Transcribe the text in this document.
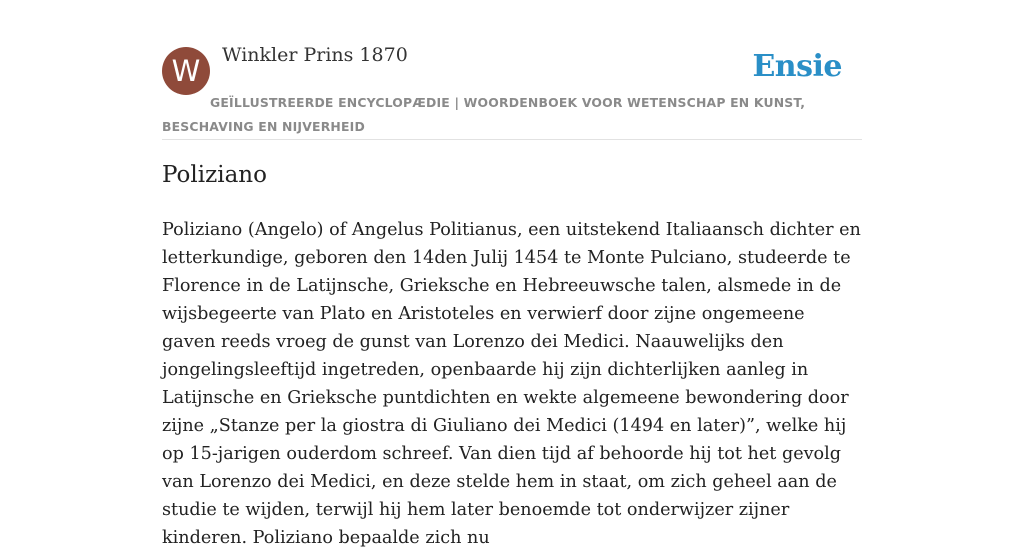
W	Winkler Prins 1870	Ensie
GEÏLLUSTREERDE ENCYCLOPÆDIE | WOORDENBOEK VOOR WETENSCHAP EN KUNST, BESCHAVING EN NIJVERHEID
Poliziano

Poliziano (Angelo) of Angelus Politianus, een uitstekend Italiaansch dichter en letterkundige, geboren den 14den Julij 1454 te Monte Pulciano, studeerde te Florence in de Latijnsche, Grieksche en Hebreeuwsche talen, alsmede in de wijsbegeerte van Plato en Aristoteles en verwierf door zijne ongemeene gaven reeds vroeg de gunst van Lorenzo dei Medici. Naauwelijks den jongelingsleeftijd ingetreden, openbaarde hij zijn dichterlijken aanleg in Latijnsche en Grieksche puntdichten en wekte algemeene bewondering door zijne „Stanze per la giostra di Giuliano dei Medici (1494 en later)”, welke hij op 15-jarigen ouderdom schreef. Van dien tijd af behoorde hij tot het gevolg van Lorenzo dei Medici, en deze stelde hem in staat, om zich geheel aan de studie te wijden, terwijl hij hem later benoemde tot onderwijzer zijner kinderen. Poliziano bepaalde zich nu
